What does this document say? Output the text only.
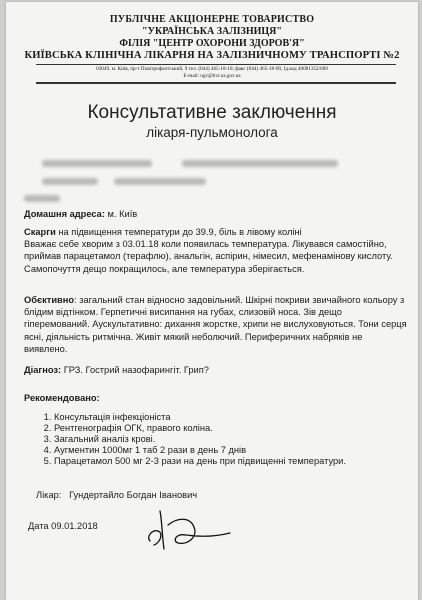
ПУБЛІЧНЕ АКЦІОНЕРНЕ ТОВАРИСТВО
"УКРАЇНСЬКА ЗАЛІЗНИЦЯ"
ФІЛІЯ "ЦЕНТР ОХОРОНИ ЗДОРОВ'Я"
КИЇВСЬКА КЛІНІЧНА ЛІКАРНЯ НА ЗАЛІЗНИЧНОМУ ТРАНСПОРТІ №2
03049, м. Київ, пр-т Повітрофлотський, 9 тел. (044) 465-18-10; факс (044) 465-18-09, Ід.код 40081352/609
E-mail: ugv@kvr.uz.gov.ua
Консультативне заключення
лікаря-пульмонолога
Домашня адреса: м. Київ
Скарги на підвищення температури до 39.9, біль в лівому коліні
Вважає себе хворим з 03.01.18 коли появилась температура. Лікувався самостійно, приймав парацетамол (терафлю), анальгін, аспірин, німесил, мефенамінову кислоту. Самопочуття дещо покращилось, але температура зберігається.
Обєктивно: загальний стан відносно задовільний. Шкірні покриви звичайного кольору з блідим відтінком. Герпетичні висипання на губах, слизовій носа. Зів дещо гіперемований. Аускультативно: дихання жорстке, хрипи не вислуховуються. Тони серця ясні, діяльність ритмічна. Живіт мякий неболючий. Периферичних набряків не виявлено.
Діагноз: ГРЗ. Гострий назофарингіт. Грип?
Рекомендовано:
1. Консультація інфекціоніста
2. Рентгенографія ОГК, правого коліна.
3. Загальний аналіз крові.
4. Аугментин 1000мг 1 таб 2 рази в день 7 днів
5. Парацетамол 500 мг 2-3 рази на день при підвищенні температури.
Лікар: Гундертайло Богдан Іванович
Дата 09.01.2018
